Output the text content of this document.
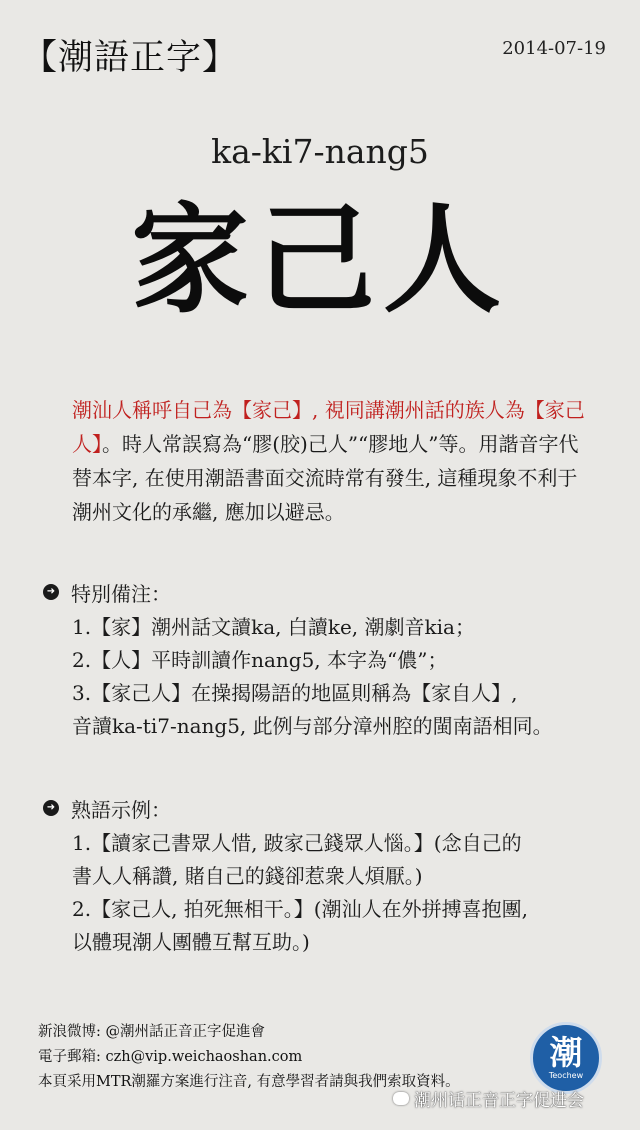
【潮語正字】	2014-07-19
ka-ki7-nang5
家己人
潮汕人稱呼自己為【家己】, 視同講潮州話的族人為【家己人】。時人常誤寫為“膠(胶)己人”“膠地人”等。用諧音字代替本字, 在使用潮語書面交流時常有發生, 這種現象不利于潮州文化的承繼, 應加以避忌。
➜ 特別備注：
1.【家】潮州話文讀ka, 白讀ke, 潮劇音kia；
2.【人】平時訓讀作nang5, 本字為“儂”；
3.【家己人】在操揭陽語的地區則稱為【家自人】,
音讀ka-ti7-nang5, 此例与部分漳州腔的閩南語相同。
➜ 熟語示例：
1.【讀家己書眾人惜, 跛家己錢眾人惱。】(念自己的
書人人稱讚, 賭自己的錢卻惹衆人煩厭。)
2.【家己人, 拍死無相干。】(潮汕人在外拼搏喜抱團,
以體現潮人團體互幫互助。)
新浪微博: @潮州話正音正字促進會
電子郵箱: czh@vip.weichaoshan.com
本頁采用MTR潮羅方案進行注音, 有意學習者請與我們索取資料。
潮
Teochew
潮州话正音正字促进会
